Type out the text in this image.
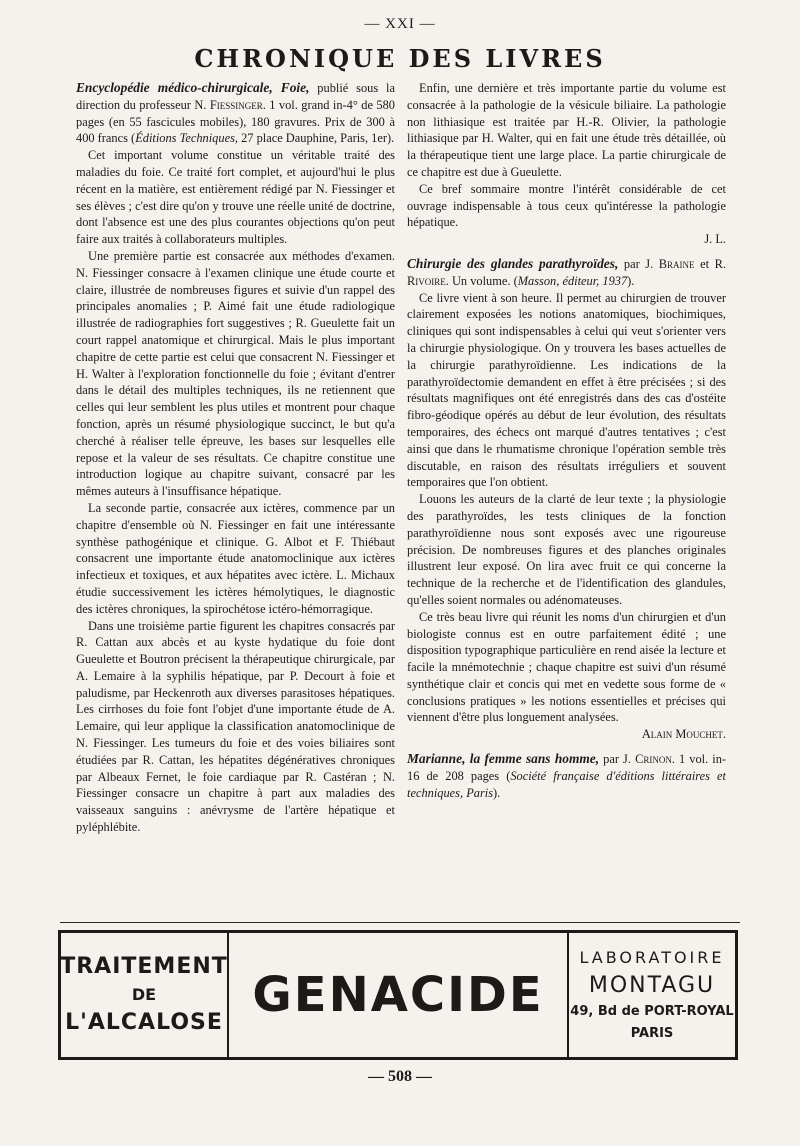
— XXI —
CHRONIQUE DES LIVRES

Encyclopédie médico-chirurgicale, Foie, publié sous la direction du professeur N. Fiessinger. 1 vol. grand in-4° de 580 pages (en 55 fascicules mobiles), 180 gravures. Prix de 300 à 400 francs (Éditions Techniques, 27 place Dauphine, Paris, 1er).

Cet important volume constitue un véritable traité des maladies du foie. Ce traité fort complet, et aujourd'hui le plus récent en la matière, est entièrement rédigé par N. Fiessinger et ses élèves ; c'est dire qu'on y trouve une réelle unité de doctrine, dont l'absence est une des plus courantes objections qu'on peut faire aux traités à collaborateurs multiples.

Une première partie est consacrée aux méthodes d'examen. N. Fiessinger consacre à l'examen clinique une étude courte et claire, illustrée de nombreuses figures et suivie d'un rappel des principales anomalies ; P. Aimé fait une étude radiologique illustrée de radiographies fort suggestives ; R. Gueulette fait un court rappel anatomique et chirurgical. Mais le plus important chapitre de cette partie est celui que consacrent N. Fiessinger et H. Walter à l'exploration fonctionnelle du foie ; évitant d'entrer dans le détail des multiples techniques, ils ne retiennent que celles qui leur semblent les plus utiles et montrent pour chaque fonction, après un résumé physiologique succinct, le but qu'a cherché à réaliser telle épreuve, les bases sur lesquelles elle repose et la valeur de ses résultats. Ce chapitre constitue une introduction logique au chapitre suivant, consacré par les mêmes auteurs à l'insuffisance hépatique.

La seconde partie, consacrée aux ictères, commence par un chapitre d'ensemble où N. Fiessinger en fait une intéressante synthèse pathogénique et clinique. G. Albot et F. Thiébaut consacrent une importante étude anatomoclinique aux ictères infectieux et toxiques, et aux hépatites avec ictère. L. Michaux étudie successivement les ictères hémolytiques, le diagnostic des ictères chroniques, la spirochétose ictéro-hémorragique.

Dans une troisième partie figurent les chapitres consacrés par R. Cattan aux abcès et au kyste hydatique du foie dont Gueulette et Boutron précisent la thérapeutique chirurgicale, par A. Lemaire à la syphilis hépatique, par P. Decourt à foie et paludisme, par Heckenroth aux diverses parasitoses hépatiques. Les cirrhoses du foie font l'objet d'une importante étude de A. Lemaire, qui leur applique la classification anatomoclinique de N. Fiessinger. Les tumeurs du foie et des voies biliaires sont étudiées par R. Cattan, les hépatites dégénératives chroniques par Albeaux Fernet, le foie cardiaque par R. Castéran ; N. Fiessinger consacre un chapitre à part aux maladies des vaisseaux sanguins : anévrysme de l'artère hépatique et pyléphlébite.

Enfin, une dernière et très importante partie du volume est consacrée à la pathologie de la vésicule biliaire. La pathologie non lithiasique est traitée par H.-R. Olivier, la pathologie lithiasique par H. Walter, qui en fait une étude très détaillée, où la thérapeutique tient une large place. La partie chirurgicale de ce chapitre est due à Gueulette.

Ce bref sommaire montre l'intérêt considérable de cet ouvrage indispensable à tous ceux qu'intéresse la pathologie hépatique.

J. L.

Chirurgie des glandes parathyroïdes, par J. Braine et R. Rivoire. Un volume. (Masson, éditeur, 1937).

Ce livre vient à son heure. Il permet au chirurgien de trouver clairement exposées les notions anatomiques, biochimiques, cliniques qui sont indispensables à celui qui veut s'orienter vers la chirurgie physiologique. On y trouvera les bases actuelles de la chirurgie parathyroïdienne. Les indications de la parathyroïdectomie demandent en effet à être précisées ; si des résultats magnifiques ont été enregistrés dans des cas d'ostéite fibro-géodique opérés au début de leur évolution, des résultats temporaires, des échecs ont marqué d'autres tentatives ; c'est ainsi que dans le rhumatisme chronique l'opération semble très discutable, en raison des résultats irréguliers et souvent temporaires que l'on obtient.

Louons les auteurs de la clarté de leur texte ; la physiologie des parathyroïdes, les tests cliniques de la fonction parathyroïdienne nous sont exposés avec une rigoureuse précision. De nombreuses figures et des planches originales illustrent leur exposé. On lira avec fruit ce qui concerne la technique de la recherche et de l'identification des glandules, qu'elles soient normales ou adénomateuses.

Ce très beau livre qui réunit les noms d'un chirurgien et d'un biologiste connus est en outre parfaitement édité ; une disposition typographique particulière en rend aisée la lecture et facile la mnémotechnie ; chaque chapitre est suivi d'un résumé synthétique clair et concis qui met en vedette sous forme de « conclusions pratiques » les notions essentielles et précises qui viennent d'être plus longuement analysées.

Alain Mouchet.

Marianne, la femme sans homme, par J. Crinon. 1 vol. in-16 de 208 pages (Société française d'éditions littéraires et techniques, Paris).

TRAITEMENT
DE
L'ALCALOSE GENACIDE
LABORATOIRE
MONTAGU
49, Bd de PORT-ROYAL
PARIS
— 508 —
